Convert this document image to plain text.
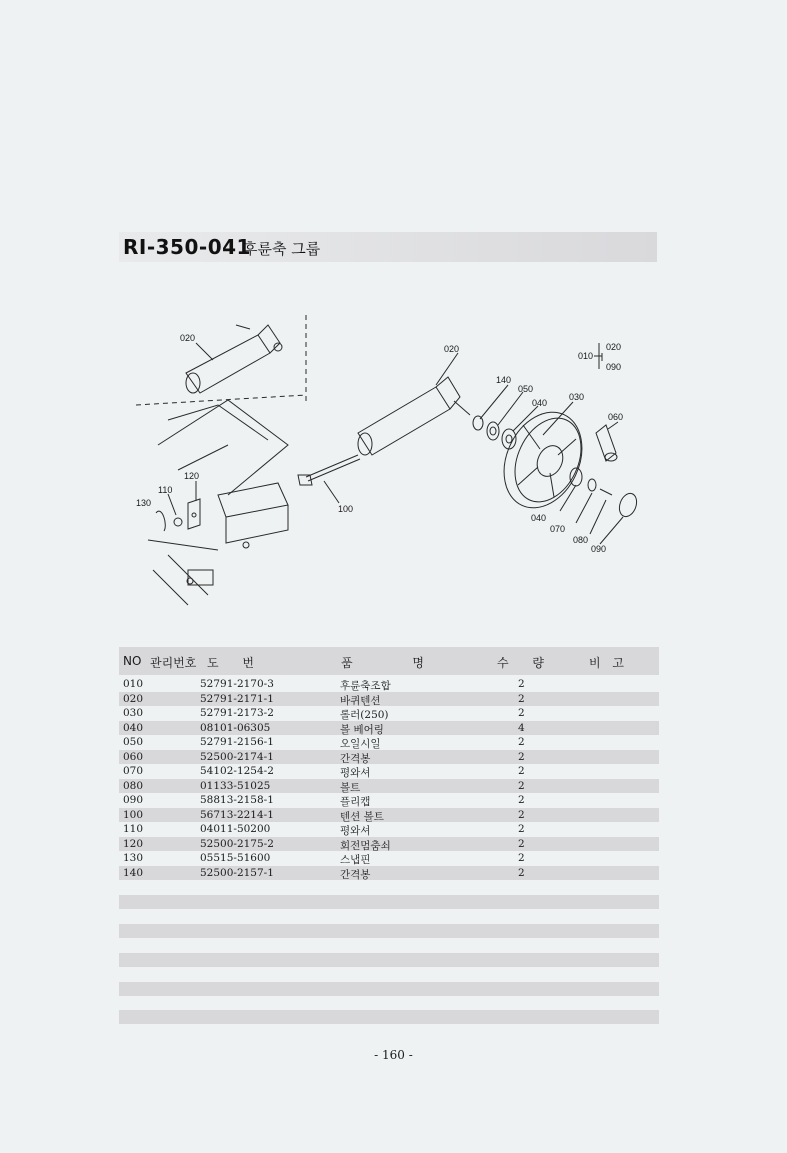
RI-350-041
후륜축 그룹
020
020
140
050
040
030
060
100
120
110
130
040
070
080
090
020
010
090
NO 관리번호 도 번	품 명	수 량	비 고
010	52791-2170-3	후륜축조합	2
020	52791-2171-1	바퀴텐션	2
030	52791-2173-2	롤러(250)	2
040	08101-06305	볼 베어링	4
050	52791-2156-1	오일시일	2
060	52500-2174-1	간격봉	2
070	54102-1254-2	평와셔	2
080	01133-51025	볼트	2
090	58813-2158-1	플리캡	2
100	56713-2214-1	텐션 볼트	2
110	04011-50200	평와셔	2
120	52500-2175-2	회전멈춤쇠	2
130	05515-51600	스냅핀	2
140	52500-2157-1	간격봉	2
- 160 -
